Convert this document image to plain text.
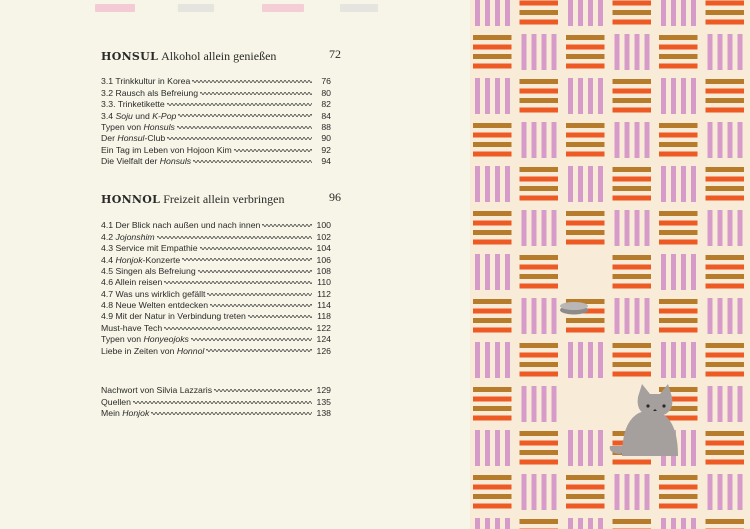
HONSUL Alkohol allein genießen	72
3.1 Trinkkultur in Korea	76
3.2 Rausch als Befreiung	80
3.3. Trinketikette	82
3.4 Soju und K-Pop	84
Typen von Honsuls	88
Der Honsul-Club	90
Ein Tag im Leben von Hojoon Kim	92
Die Vielfalt der Honsuls	94
HONNOL Freizeit allein verbringen	96
4.1 Der Blick nach außen und nach innen	100
4.2 Jojonshim	102
4.3 Service mit Empathie	104
4.4 Honjok-Konzerte	106
4.5 Singen als Befreiung	108
4.6 Allein reisen	110
4.7 Was uns wirklich gefällt	112
4.8 Neue Welten entdecken	114
4.9 Mit der Natur in Verbindung treten	118
Must-have Tech	122
Typen von Honyeojoks	124
Liebe in Zeiten von Honnol	126
Nachwort von Silvia Lazzaris	129
Quellen	135
Mein Honjok	138
